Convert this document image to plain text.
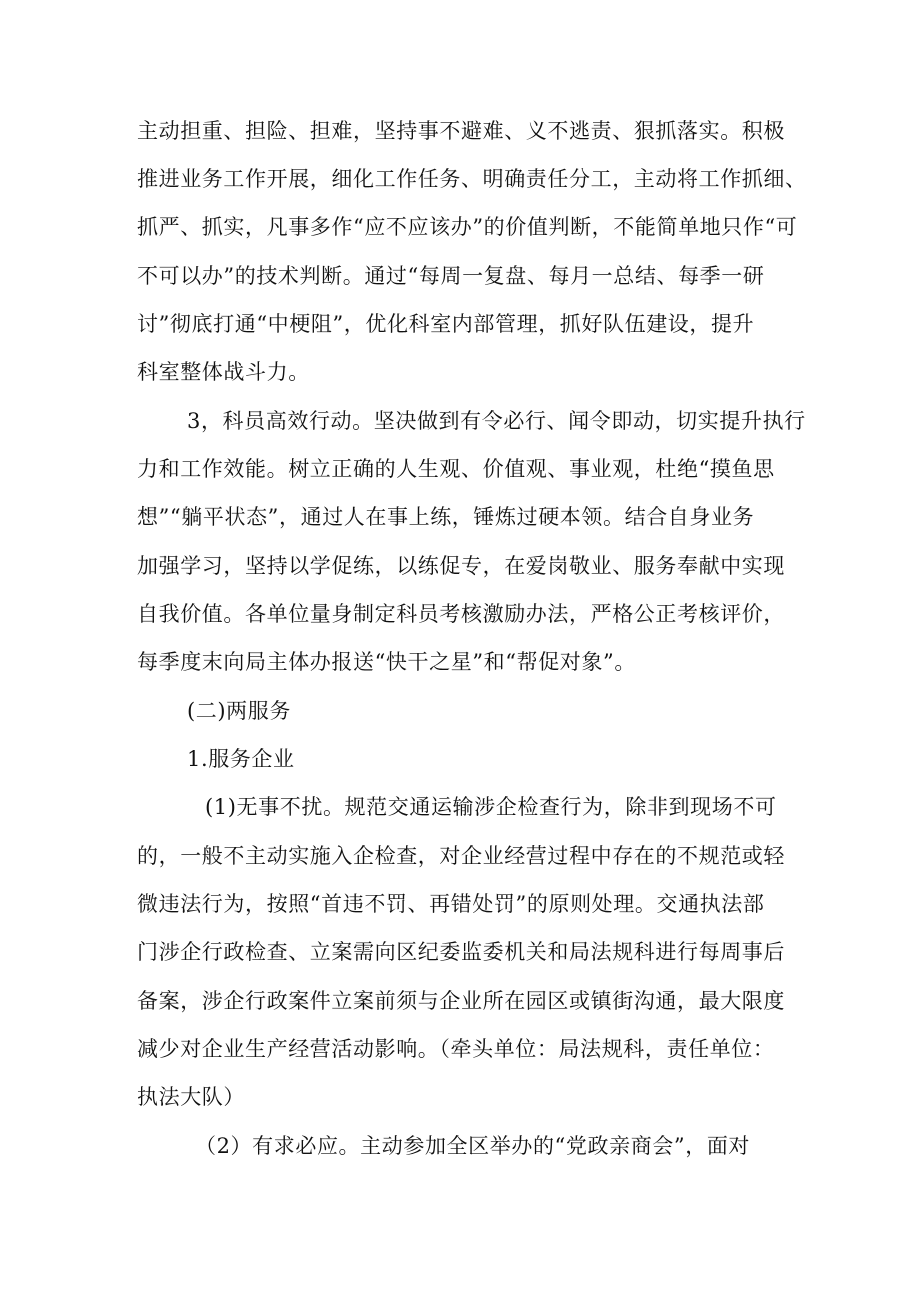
主动担重、担险、担难，坚持事不避难、义不逃责、狠抓落实。积极
推进业务工作开展，细化工作任务、明确责任分工，主动将工作抓细、
抓严、抓实，凡事多作“应不应该办”的价值判断，不能简单地只作“可
不可以办”的技术判断。通过“每周一复盘、每月一总结、每季一研
讨”彻底打通“中梗阻”，优化科室内部管理，抓好队伍建设，提升
科室整体战斗力。
3，科员高效行动。坚决做到有令必行、闻令即动，切实提升执行
力和工作效能。树立正确的人生观、价值观、事业观，杜绝“摸鱼思
想”“躺平状态”，通过人在事上练，锤炼过硬本领。结合自身业务
加强学习，坚持以学促练，以练促专，在爱岗敬业、服务奉献中实现
自我价值。各单位量身制定科员考核激励办法，严格公正考核评价，
每季度末向局主体办报送“快干之星”和“帮促对象”。
(二)两服务
1.服务企业
(1)无事不扰。规范交通运输涉企检查行为，除非到现场不可
的，一般不主动实施入企检查，对企业经营过程中存在的不规范或轻
微违法行为，按照“首违不罚、再错处罚”的原则处理。交通执法部
门涉企行政检查、立案需向区纪委监委机关和局法规科进行每周事后
备案，涉企行政案件立案前须与企业所在园区或镇街沟通，最大限度
减少对企业生产经营活动影响。（牵头单位：局法规科，责任单位：
执法大队）
（2）有求必应。主动参加全区举办的“党政亲商会”，面对
